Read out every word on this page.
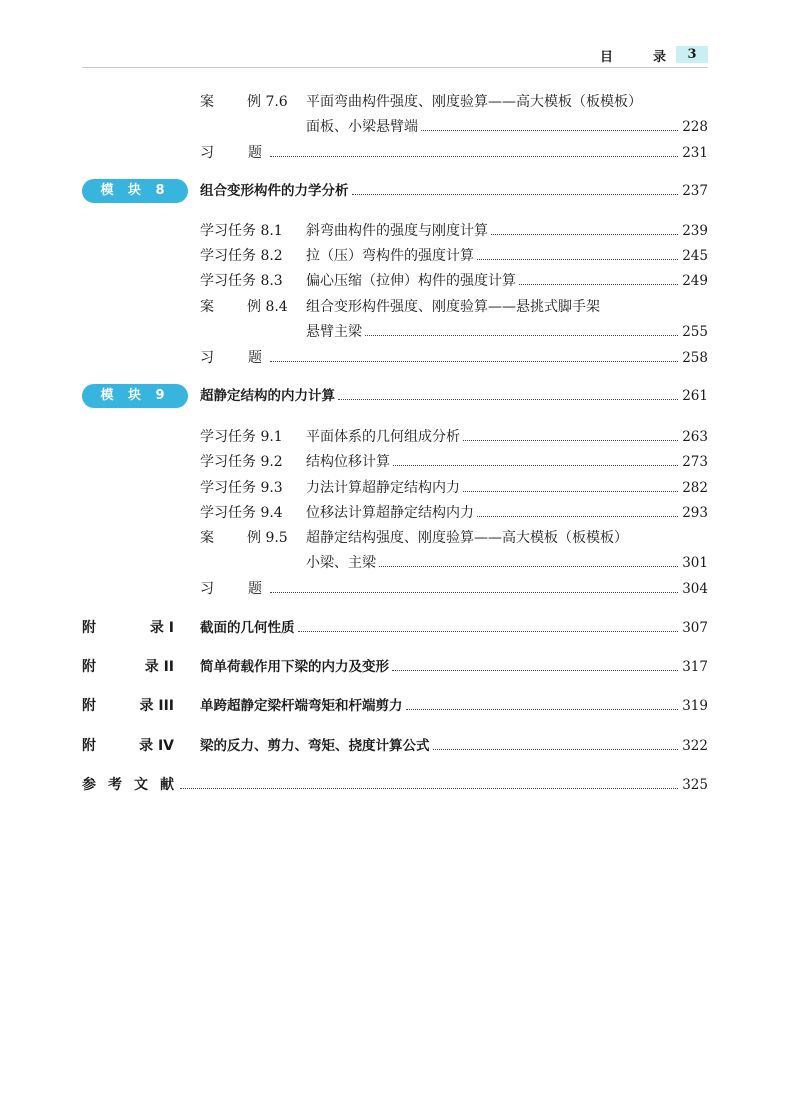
目	录	3
案 例 7.6 平面弯曲构件强度、刚度验算——高大模板（板模板）
面板、小梁悬臂端	228
习 题	231
模 块 8	组合变形构件的力学分析	237
学习任务 8.1 斜弯曲构件的强度与刚度计算	239
学习任务 8.2 拉（压）弯构件的强度计算	245
学习任务 8.3 偏心压缩（拉伸）构件的强度计算	249
案 例 8.4 组合变形构件强度、刚度验算——悬挑式脚手架
悬臂主梁	255
习 题	258
模 块 9	超静定结构的内力计算	261
学习任务 9.1 平面体系的几何组成分析	263
学习任务 9.2 结构位移计算	273
学习任务 9.3 力法计算超静定结构内力	282
学习任务 9.4 位移法计算超静定结构内力	293
案 例 9.5 超静定结构强度、刚度验算——高大模板（板模板）
小梁、主梁	301
习 题	304
附	录 I 截面的几何性质	307
附	录 II 简单荷载作用下梁的内力及变形	317
附	录 III 单跨超静定梁杆端弯矩和杆端剪力	319
附	录 IV 梁的反力、剪力、弯矩、挠度计算公式	322
参 考 文 献	325
